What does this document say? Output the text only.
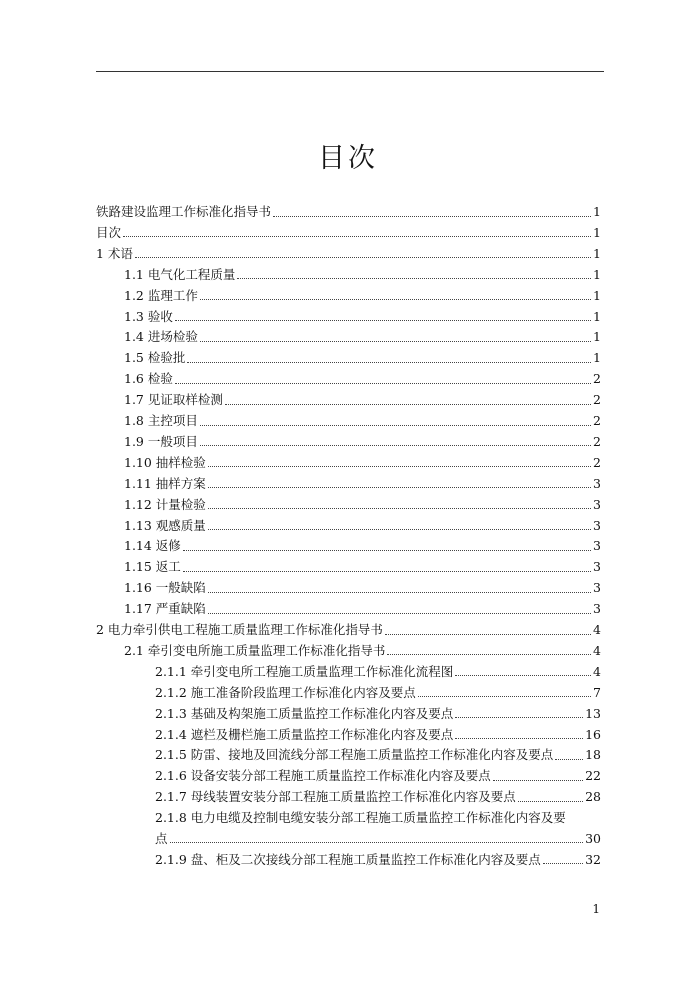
目次
铁路建设监理工作标准化指导书	1
目次	1
1 术语	1
1.1 电气化工程质量	1
1.2 监理工作	1
1.3 验收	1
1.4 进场检验	1
1.5 检验批	1
1.6 检验	2
1.7 见证取样检测	2
1.8 主控项目	2
1.9 一般项目	2
1.10 抽样检验	2
1.11 抽样方案	3
1.12 计量检验	3
1.13 观感质量	3
1.14 返修	3
1.15 返工	3
1.16 一般缺陷	3
1.17 严重缺陷	3
2 电力牵引供电工程施工质量监理工作标准化指导书	4
2.1 牵引变电所施工质量监理工作标准化指导书	4
2.1.1 牵引变电所工程施工质量监理工作标准化流程图	4
2.1.2 施工准备阶段监理工作标准化内容及要点	7
2.1.3 基础及构架施工质量监控工作标准化内容及要点	13
2.1.4 遮栏及栅栏施工质量监控工作标准化内容及要点	16
2.1.5 防雷、接地及回流线分部工程施工质量监控工作标准化内容及要点	18
2.1.6 设备安装分部工程施工质量监控工作标准化内容及要点	22
2.1.7 母线装置安装分部工程施工质量监控工作标准化内容及要点	28
2.1.8 电力电缆及控制电缆安装分部工程施工质量监控工作标准化内容及要
点	30
2.1.9 盘、柜及二次接线分部工程施工质量监控工作标准化内容及要点	32
1
